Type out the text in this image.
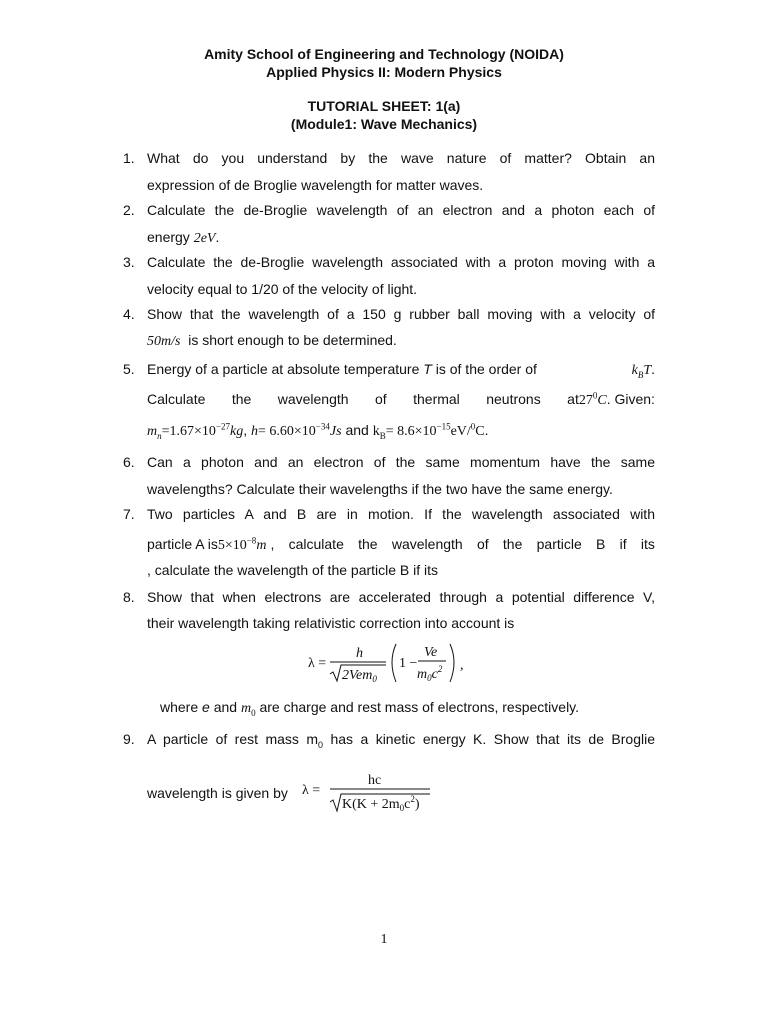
Amity School of Engineering and Technology (NOIDA)
Applied Physics II: Modern Physics
TUTORIAL SHEET: 1(a)
(Module1: Wave Mechanics)
1. What do you understand by the wave nature of matter? Obtain an
expression of de Broglie wavelength for matter waves.
2. Calculate the de-Broglie wavelength of an electron and a photon each of
energy 2eV.
3. Calculate the de-Broglie wavelength associated with a proton moving with a
velocity equal to 1/20 of the velocity of light.
4. Show that the wavelength of a 150 g rubber ball moving with a velocity of
50m/s is short enough to be determined.
5. Energy of a particle at absolute temperature T is of the order of	$k_BT$.
Calculate the wavelength of thermal neutrons $at27^0C$. Given:
$m_n=1.67\times 10^{-27}kg$, $h= 6.60\times 10^{-34}Js$ and $k_B= 8.6\times 10^{-15}eV/^0C$.
6. Can a photon and an electron of the same momentum have the same
wavelengths? Calculate their wavelengths if the two have the same energy.
7. Two particles A and B are in motion. If the wavelength associated with
particle A is $5\times 10^{-8}m$ , calculate the wavelength of the particle B if its
, calculate the wavelength of the particle B if its
8. Show that when electrons are accelerated through a potential difference V,
their wavelength taking relativistic correction into account is
λ =
h
2Vem$_0$
1 −
Ve
$m_0c^2$ ,
where e and $m_0$ are charge and rest mass of electrons, respectively.
9. A particle of rest mass $m_0$ has a kinetic energy K. Show that its de Broglie
wavelength is given by λ =
hc
$K(K + 2m_0c^2)$
1
